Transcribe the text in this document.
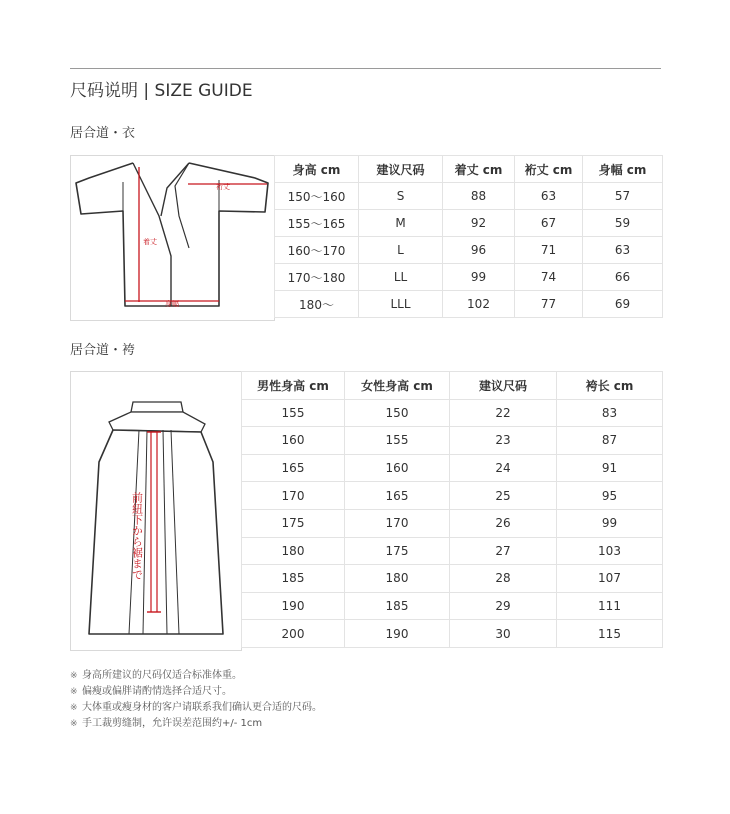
尺码说明 | SIZE GUIDE
居合道・衣
裄丈
着丈
身幅
身高 cm	建议尺码	着丈 cm	裄丈 cm	身幅 cm
150～160	S	88	63	57
155～165	M	92	67	59
160～170	L	96	71	63
170～180	LL	99	74	66
180～	LLL	102	77	69
居合道・袴
前紐下から裾まで
男性身高 cm	女性身高 cm	建议尺码	袴长 cm
155	150	22	83
160	155	23	87
165	160	24	91
170	165	25	95
175	170	26	99
180	175	27	103
185	180	28	107
190	185	29	111
200	190	30	115
※ 身高所建议的尺码仅适合标准体重。
※ 偏瘦或偏胖请酌情选择合适尺寸。
※ 大体重或瘦身材的客户请联系我们确认更合适的尺码。
※ 手工裁剪缝制，允许误差范围约+/- 1cm
